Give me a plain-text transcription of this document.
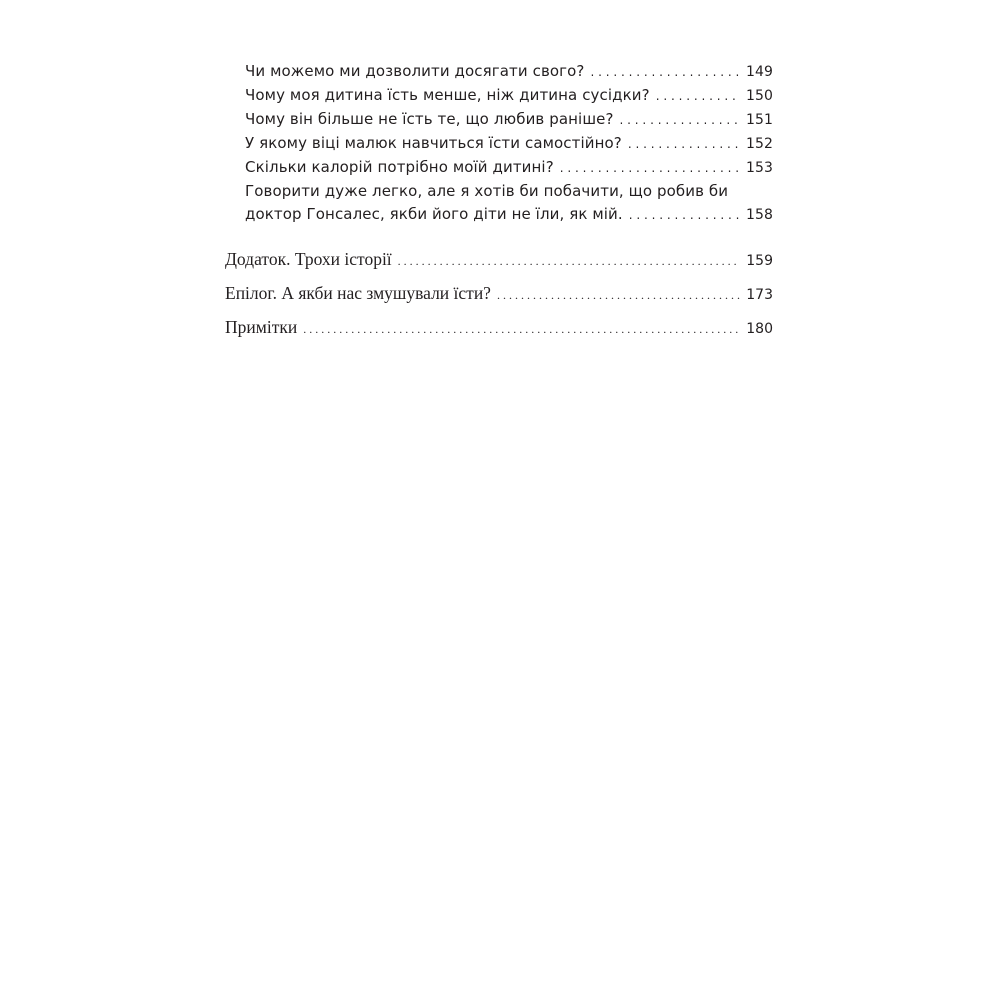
Чи можемо ми дозволити досягати свого? . . .	149
Чому моя дитина їсть менше, ніж дитина сусідки? . . .	150
Чому він більше не їсть те, що любив раніше? . . .	151
У якому віці малюк навчиться їсти самостійно? . . .	152
Скільки калорій потрібно моїй дитині? . . .	153
Говорити дуже легко, але я хотів би побачити, що робив би
доктор Гонсалес, якби його діти не їли, як мій. . . .	158
Додаток. Трохи історії . . .	159
Епілог. А якби нас змушували їсти? . . .	173
Примітки . . .	180
